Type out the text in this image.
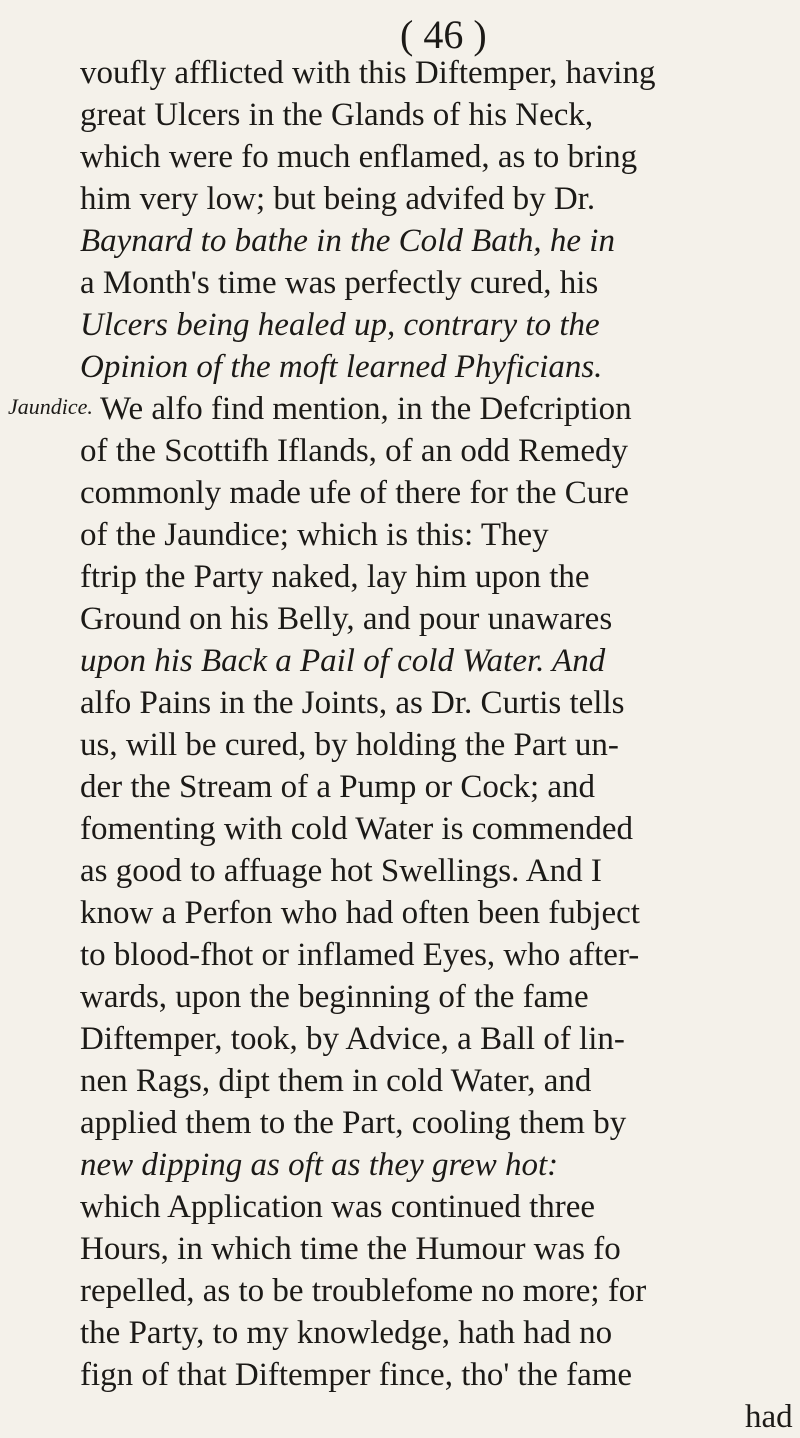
( 46 )
Jaundice.
voufly afflicted with this Diftemper, having
great Ulcers in the Glands of his Neck,
which were fo much enflamed, as to bring
him very low; but being advifed by Dr.
Baynard to bathe in the Cold Bath, he in
a Month's time was perfectly cured, his
Ulcers being healed up, contrary to the
Opinion of the moft learned Phyficians.
We alfo find mention, in the Defcription
of the Scottifh Iflands, of an odd Remedy
commonly made ufe of there for the Cure
of the Jaundice; which is this: They
ftrip the Party naked, lay him upon the
Ground on his Belly, and pour unawares
upon his Back a Pail of cold Water. And
alfo Pains in the Joints, as Dr. Curtis tells
us, will be cured, by holding the Part un-
der the Stream of a Pump or Cock; and
fomenting with cold Water is commended
as good to affuage hot Swellings. And I
know a Perfon who had often been fubject
to blood-fhot or inflamed Eyes, who after-
wards, upon the beginning of the fame
Diftemper, took, by Advice, a Ball of lin-
nen Rags, dipt them in cold Water, and
applied them to the Part, cooling them by
new dipping as oft as they grew hot:
which Application was continued three
Hours, in which time the Humour was fo
repelled, as to be troublefome no more; for
the Party, to my knowledge, hath had no
fign of that Diftemper fince, tho' the fame
had
